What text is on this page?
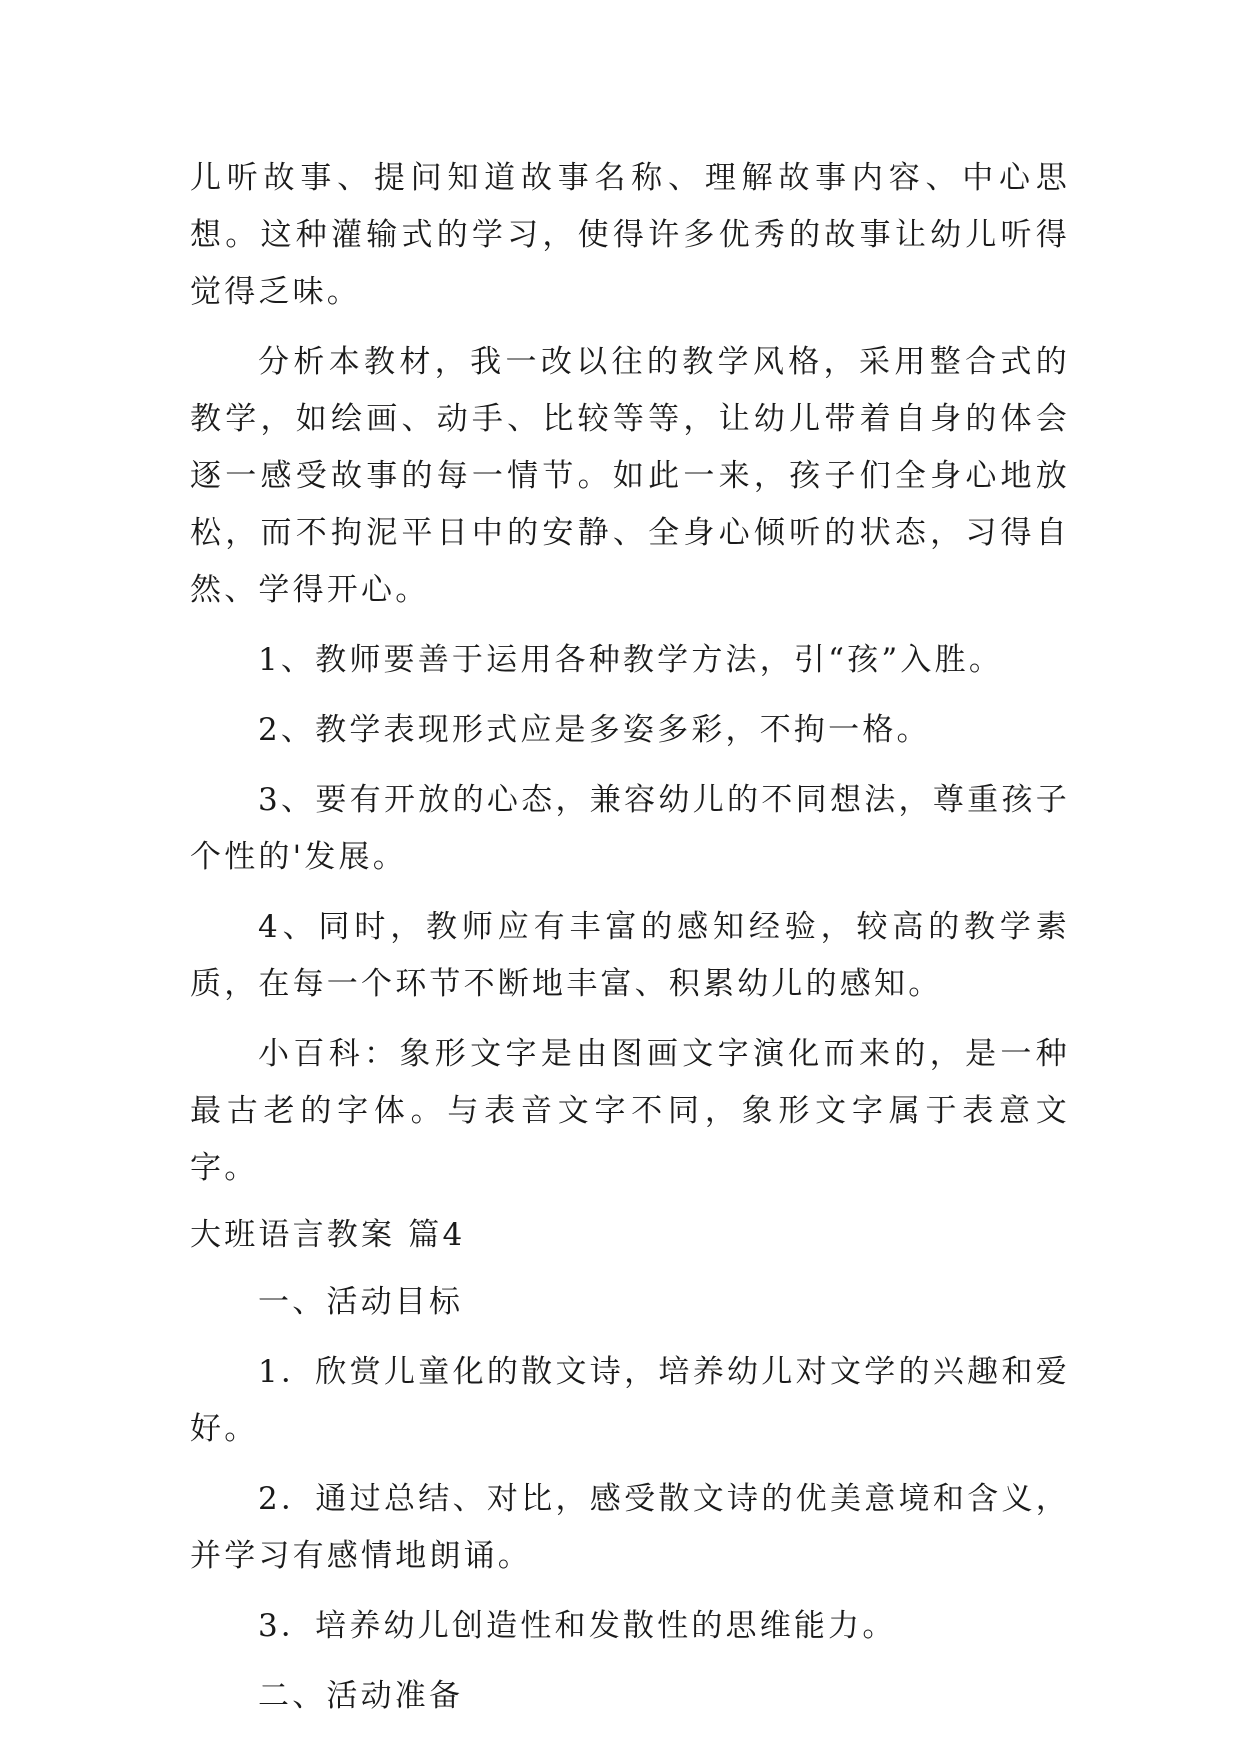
儿听故事、提问知道故事名称、理解故事内容、中心思想。这种灌输式的学习，使得许多优秀的故事让幼儿听得觉得乏味。

分析本教材，我一改以往的教学风格，采用整合式的教学，如绘画、动手、比较等等，让幼儿带着自身的体会逐一感受故事的每一情节。如此一来，孩子们全身心地放松，而不拘泥平日中的安静、全身心倾听的状态，习得自然、学得开心。

1、教师要善于运用各种教学方法，引“孩”入胜。

2、教学表现形式应是多姿多彩，不拘一格。

3、要有开放的心态，兼容幼儿的不同想法，尊重孩子个性的'发展。

4、同时，教师应有丰富的感知经验，较高的教学素质，在每一个环节不断地丰富、积累幼儿的感知。

小百科：象形文字是由图画文字演化而来的，是一种最古老的字体。与表音文字不同，象形文字属于表意文字。

大班语言教案 篇4

一、活动目标

1．欣赏儿童化的散文诗，培养幼儿对文学的兴趣和爱好。

2．通过总结、对比，感受散文诗的优美意境和含义，并学习有感情地朗诵。

3．培养幼儿创造性和发散性的思维能力。

二、活动准备
